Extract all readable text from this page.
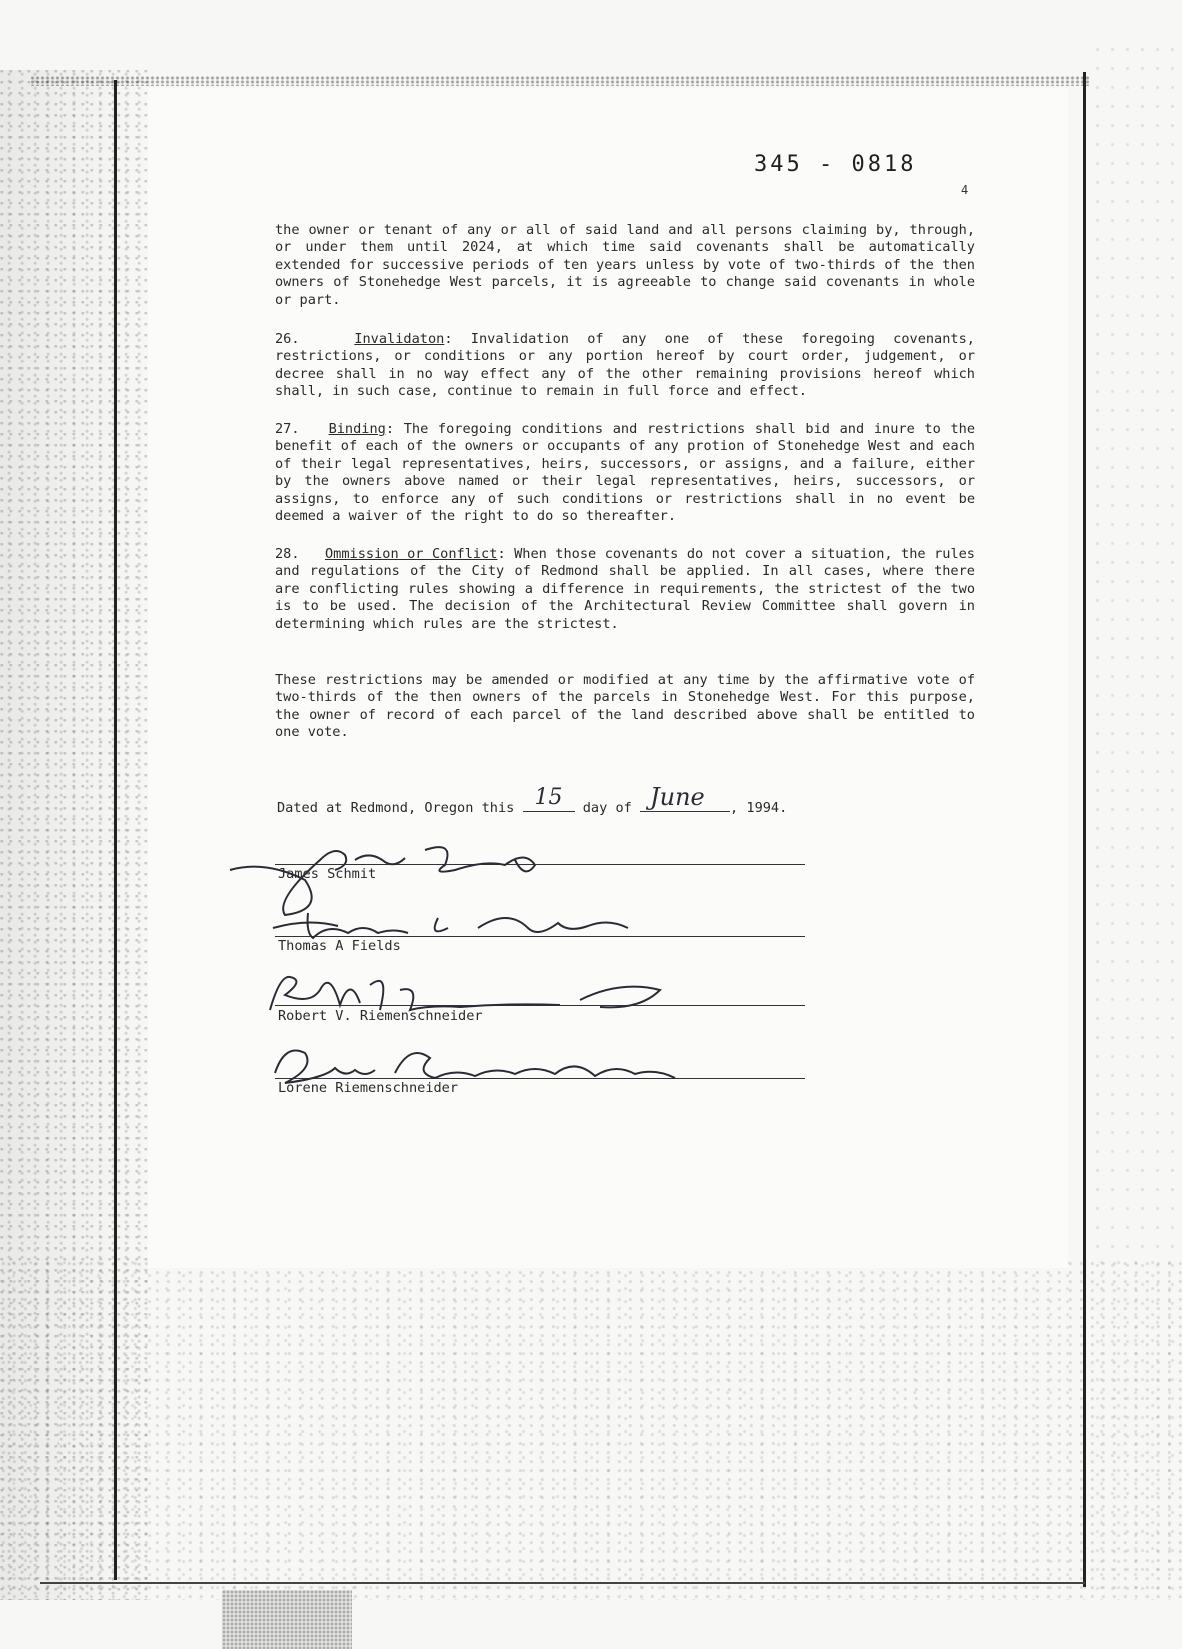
345 - 0818
4
the owner or tenant of any or all of said land and all persons claiming by, through, or under them until 2024, at which time said covenants shall be automatically extended for successive periods of ten years unless by vote of two-thirds of the then owners of Stonehedge West parcels, it is agreeable to change said covenants in whole or part.
26.	Invalidaton: Invalidation of any one of these foregoing covenants, restrictions, or conditions or any portion hereof by court order, judgement, or decree shall in no way effect any of the other remaining provisions hereof which shall, in such case, continue to remain in full force and effect.
27. Binding: The foregoing conditions and restrictions shall bid and inure to the benefit of each of the owners or occupants of any protion of Stonehedge West and each of their legal representatives, heirs, successors, or assigns, and a failure, either by the owners above named or their legal representatives, heirs, successors, or assigns, to enforce any of such conditions or restrictions shall in no event be deemed a waiver of the right to do so thereafter.
28. Ommission or Conflict: When those covenants do not cover a situation, the rules and regulations of the City of Redmond shall be applied. In all cases, where there are conflicting rules showing a difference in requirements, the strictest of the two is to be used. The decision of the Architectural Review Committee shall govern in determining which rules are the strictest.
These restrictions may be amended or modified at any time by the affirmative vote of two-thirds of the then owners of the parcels in Stonehedge West. For this purpose, the owner of record of each parcel of the land described above shall be entitled to one vote.
Dated at Redmond, Oregon this 15 day of June , 1994.
James Schmit
Thomas A Fields
Robert V. Riemenschneider
Lorene Riemenschneider
